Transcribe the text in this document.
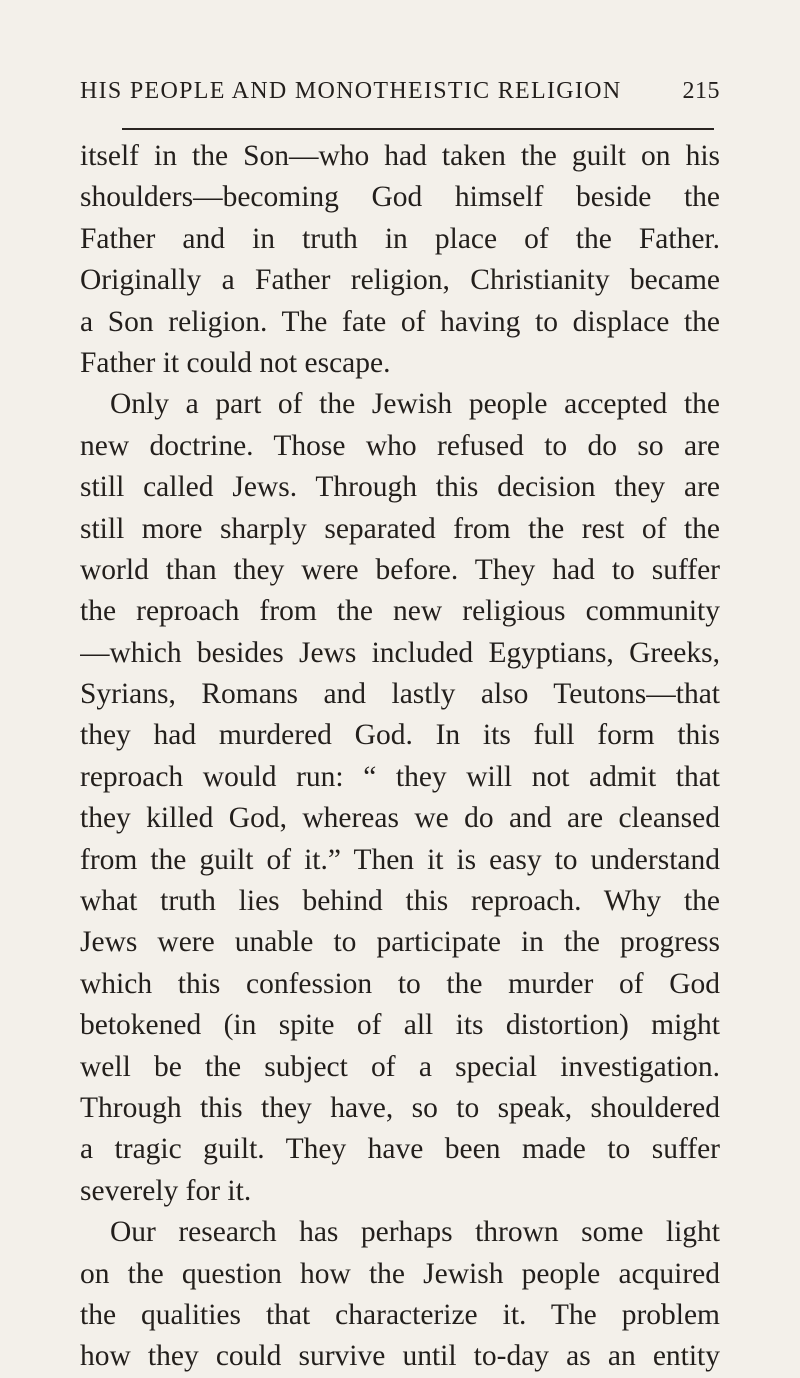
HIS PEOPLE AND MONOTHEISTIC RELIGION	215
itself in the Son—who had taken the guilt on his
shoulders—becoming God himself beside the
Father and in truth in place of the Father.
Originally a Father religion, Christianity became
a Son religion. The fate of having to displace the
Father it could not escape.
Only a part of the Jewish people accepted the
new doctrine. Those who refused to do so are
still called Jews. Through this decision they are
still more sharply separated from the rest of the
world than they were before. They had to suffer
the reproach from the new religious community
—which besides Jews included Egyptians, Greeks,
Syrians, Romans and lastly also Teutons—that
they had murdered God. In its full form this
reproach would run: “ they will not admit that
they killed God, whereas we do and are cleansed
from the guilt of it.” Then it is easy to understand
what truth lies behind this reproach. Why the
Jews were unable to participate in the progress
which this confession to the murder of God
betokened (in spite of all its distortion) might
well be the subject of a special investigation.
Through this they have, so to speak, shouldered
a tragic guilt. They have been made to suffer
severely for it.
Our research has perhaps thrown some light
on the question how the Jewish people acquired
the qualities that characterize it. The problem
how they could survive until to-day as an entity
